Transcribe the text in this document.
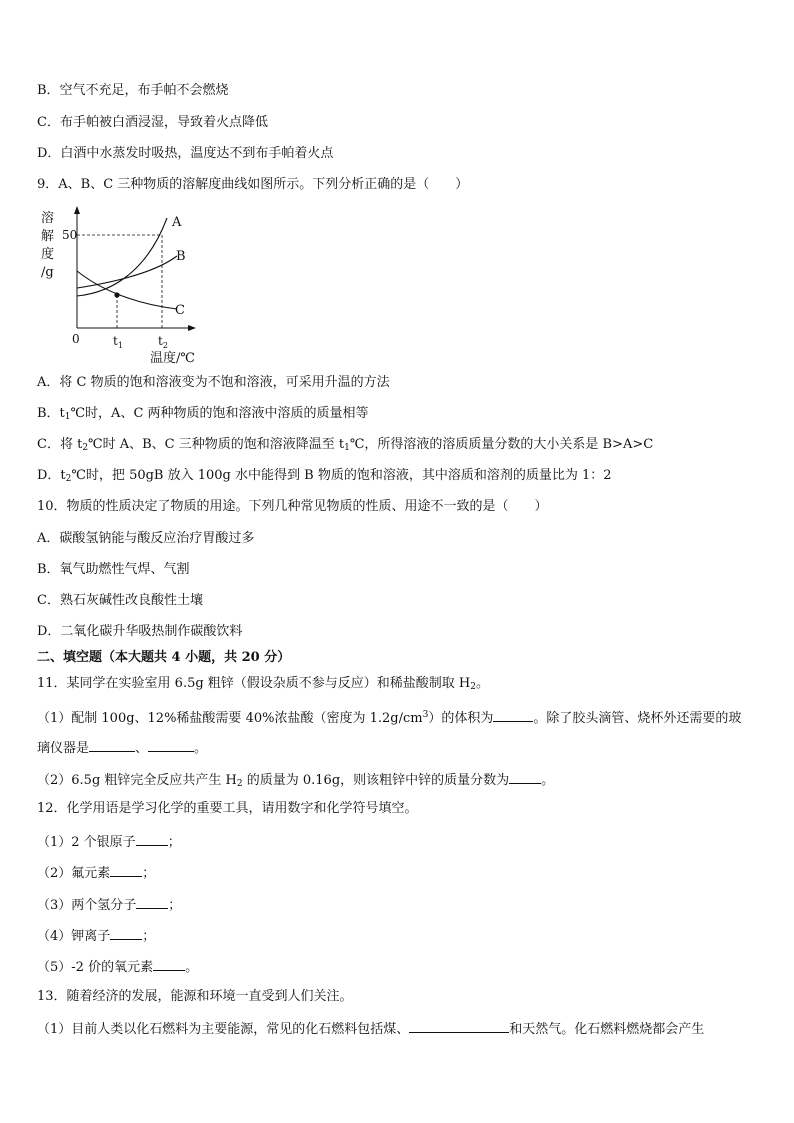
B．空气不充足，布手帕不会燃烧
C．布手帕被白酒浸湿，导致着火点降低
D．白酒中水蒸发时吸热，温度达不到布手帕着火点
9．A、B、C 三种物质的溶解度曲线如图所示。下列分析正确的是（　　）
溶
解
度
/g
50
A
B
C
0	$t_1$	$t_2$
温度/℃
A．将 C 物质的饱和溶液变为不饱和溶液，可采用升温的方法
B．$t_1℃$时，A、C 两种物质的饱和溶液中溶质的质量相等
C．将 $t_2℃$时 A、B、C 三种物质的饱和溶液降温至 $t_1℃$，所得溶液的溶质质量分数的大小关系是 B>A>C
D．$t_2℃$时，把 50gB 放入 100g 水中能得到 B 物质的饱和溶液，其中溶质和溶剂的质量比为 1：2
10．物质的性质决定了物质的用途。下列几种常见物质的性质、用途不一致的是（　　）
A．碳酸氢钠能与酸反应治疗胃酸过多
B．氧气助燃性气焊、气割
C．熟石灰碱性改良酸性土壤
D．二氧化碳升华吸热制作碳酸饮料
二、填空题（本大题共 4 小题，共 20 分）
11．某同学在实验室用 6.5g 粗锌（假设杂质不参与反应）和稀盐酸制取 $H_2$。
（1）配制 100g、12%稀盐酸需要 40%浓盐酸（密度为 $1.2g/cm^3$）的体积为	。除了胶头滴管、烧杯外还需要的玻
璃仪器是	、	。
（2）6.5g 粗锌完全反应共产生 $H_2$ 的质量为 0.16g，则该粗锌中锌的质量分数为 。
12．化学用语是学习化学的重要工具，请用数字和化学符号填空。
（1）2 个银原子 ；
（2）氟元素 ；
（3）两个氢分子 ；
（4）钾离子 ；
（5）-2 价的氧元素 。
13．随着经济的发展，能源和环境一直受到人们关注。
（1）目前人类以化石燃料为主要能源，常见的化石燃料包括煤、	和天然气。化石燃料燃烧都会产生
